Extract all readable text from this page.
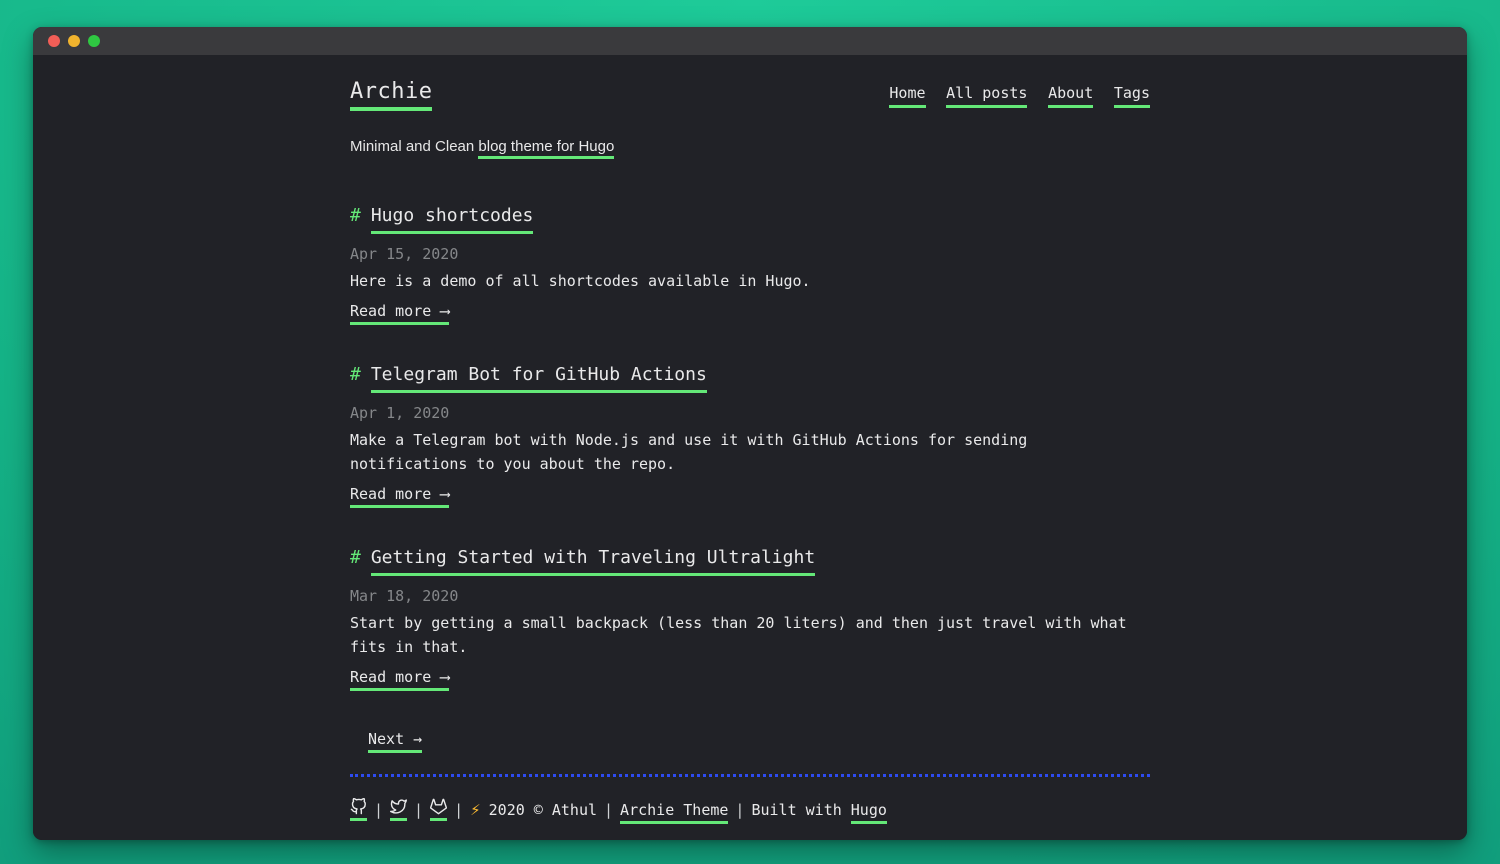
Archie	Home All posts About Tags
Minimal and Clean blog theme for Hugo
# Hugo shortcodes
Apr 15, 2020
Here is a demo of all shortcodes available in Hugo.
Read more ⟶
# Telegram Bot for GitHub Actions
Apr 1, 2020
Make a Telegram bot with Node.js and use it with GitHub Actions for sending notifications to you about the repo.
Read more ⟶
# Getting Started with Traveling Ultralight
Mar 18, 2020
Start by getting a small backpack (less than 20 liters) and then just travel with what fits in that.
Read more ⟶
Next →
| | | ⚡ 2020 © Athul | Archie Theme | Built with Hugo
